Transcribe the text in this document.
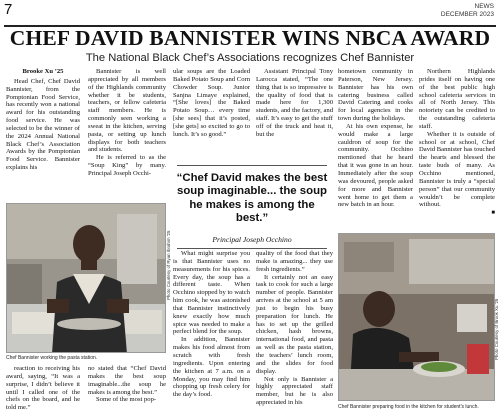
7	NEWS
DECEMBER 2023
CHEF DAVID BANNISTER WINS NBCA AWARD
The National Black Chef’s Associations recognizes Chef Bannister

Brooke Xu ’25

Head Chef, Chef David Bannister, from the Pomptonian Food Service, has recently won a national award for his outstanding food service. He was selected to be the winner of the 2024 Annual National Black Chef’s Association Awards by the Pomptonian Food Service. Bannister explains his

reaction to receiving his award, saying, “It was a surprise, I didn’t believe it until I called one of the chefs on the board, and he told me.”

Bannister is well appreciated by all members of the Highlands community whether it be students, teachers, or fellow cafeteria staff members. He is commonly seen working a sweat in the kitchen, serving pasta, or setting up lunch displays for both teachers and students.

He is referred to as the “Soup King” by many. Principal Joseph Occhi-

no stated that “Chef David makes the best soup imaginable...the soup he makes is among the best.”

Some of the most pop-

Chef Bannister working the pasta station.
Photo Courtesy of Ryan Ibrahim '25

ular soups are the Loaded Baked Potato Soup and Corn Chowder Soup. Junior Sanjna Limaye explained, “[She loves] the Baked Potato Soup… every time [she sees] that it’s posted, [she gets] so excited to go to lunch. It’s so good.”

What might surprise you is that Bannister uses no measurements for his spices. Every day, the soup has a different taste. When Occhino stopped by to watch him cook, he was astonished that Bannister instinctively knew exactly how much spice was needed to make a perfect blend for the soup.

In addition, Bannister makes his food almost from scratch with fresh ingredients. Upon entering the kitchen at 7 a.m. on a Monday, you may find him chopping up fresh celery for the day’s food.

Assistant Principal Tony Larocca stated, “The one thing that is so impressive is the quality of food that is made here for 1,300 students, and the factory, and staff. It’s easy to get the stuff off of the truck and heat it, but the

quality of the food that they make is amazing... they use fresh ingredients.”

It certainly not an easy task to cook for such a large number of people. Bannister arrives at the school at 5 am just to begin his busy preparation for lunch. He has to set up the grilled chicken, hash browns, international food, and pasta as well as the pasta station, the teachers’ lunch room, and the slides for food display.

Not only is Bannister a highly appreciated staff member, but he is also appreciated in his

“Chef David makes the best soup imaginable... the soup he makes is among the best.”
Principal Joseph Occhino

hometown community in Paterson, New Jersey. Bannister has his own catering business called David Catering and cooks for local agencies in the town during the holidays.

At his own expense, he would make a large cauldron of soup for the community. Occhino mentioned that he heard that it was gone in an hour. Immediately after the soup was devoured, people asked for more and Bannister went home to get them a new batch in an hour.

Northern Highlands prides itself on having one of the best public high school cafeteria services in all of North Jersey. This notoriety can be credited to the outstanding cafeteria staff.

Whether it is outside of school or at school, Chef David Bannister has touched the hearts and blessed the taste buds of many. As Occhino mentioned, Bannister is truly a “special person” that our community wouldn’t be complete without.

■
Chef Bannister preparing food in the kitchen for student's lunch.
Photo Courtesy of Brook Xu '25
